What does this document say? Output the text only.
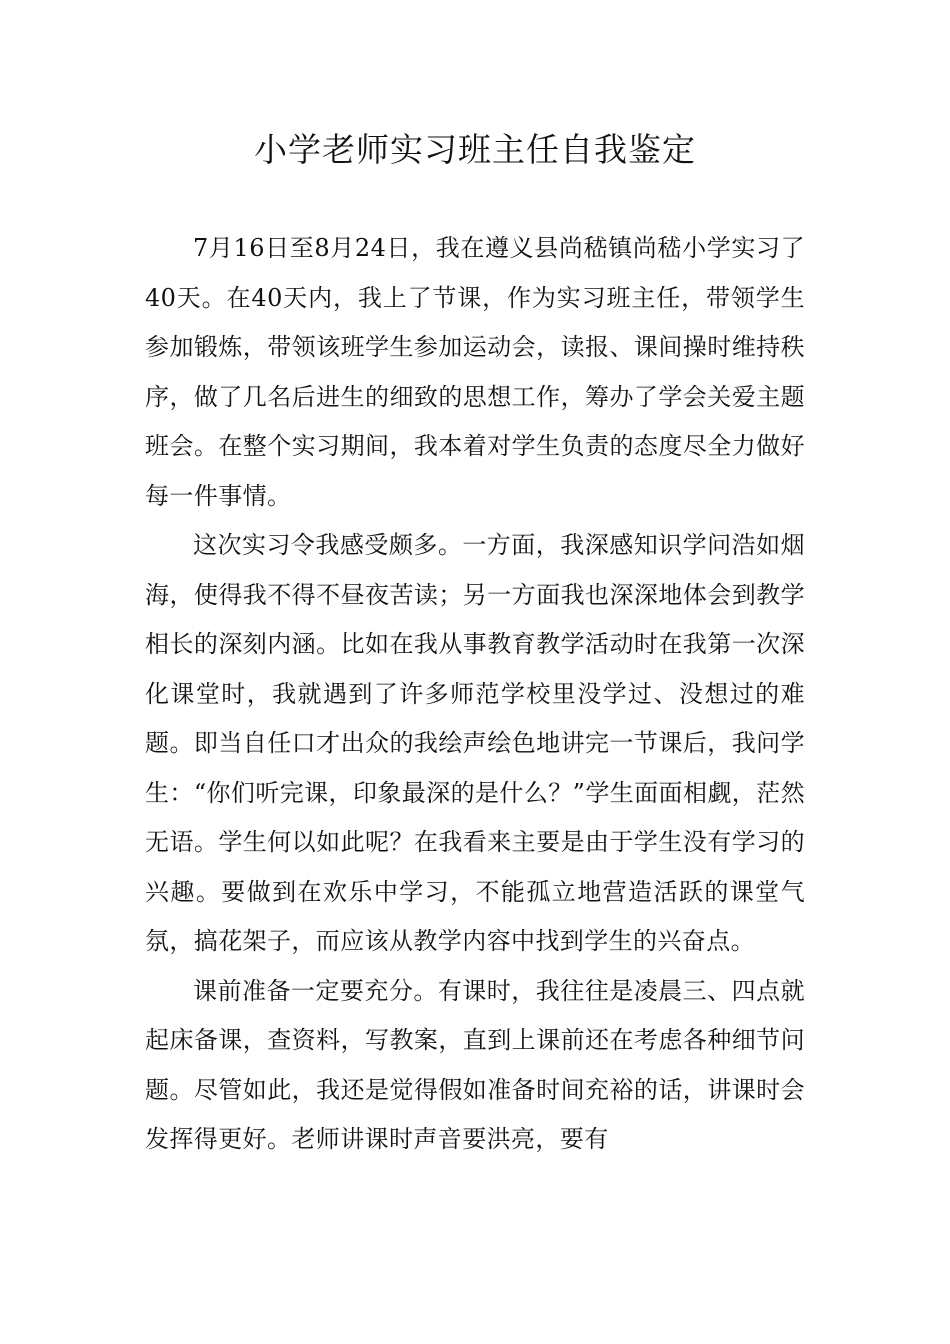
小学老师实习班主任自我鉴定

7月16日至8月24日，我在遵义县尚嵇镇尚嵇小学实习了40天。在40天内，我上了节课，作为实习班主任，带领学生参加锻炼，带领该班学生参加运动会，读报、课间操时维持秩序，做了几名后进生的细致的思想工作，筹办了学会关爱主题班会。在整个实习期间，我本着对学生负责的态度尽全力做好每一件事情。

这次实习令我感受颇多。一方面，我深感知识学问浩如烟海，使得我不得不昼夜苦读；另一方面我也深深地体会到教学相长的深刻内涵。比如在我从事教育教学活动时在我第一次深化课堂时，我就遇到了许多师范学校里没学过、没想过的难题。即当自任口才出众的我绘声绘色地讲完一节课后，我问学生：“你们听完课，印象最深的是什么？”学生面面相觑，茫然无语。学生何以如此呢？在我看来主要是由于学生没有学习的兴趣。要做到在欢乐中学习，不能孤立地营造活跃的课堂气氛，搞花架子，而应该从教学内容中找到学生的兴奋点。

课前准备一定要充分。有课时，我往往是凌晨三、四点就起床备课，查资料，写教案，直到上课前还在考虑各种细节问题。尽管如此，我还是觉得假如准备时间充裕的话，讲课时会发挥得更好。老师讲课时声音要洪亮，要有
